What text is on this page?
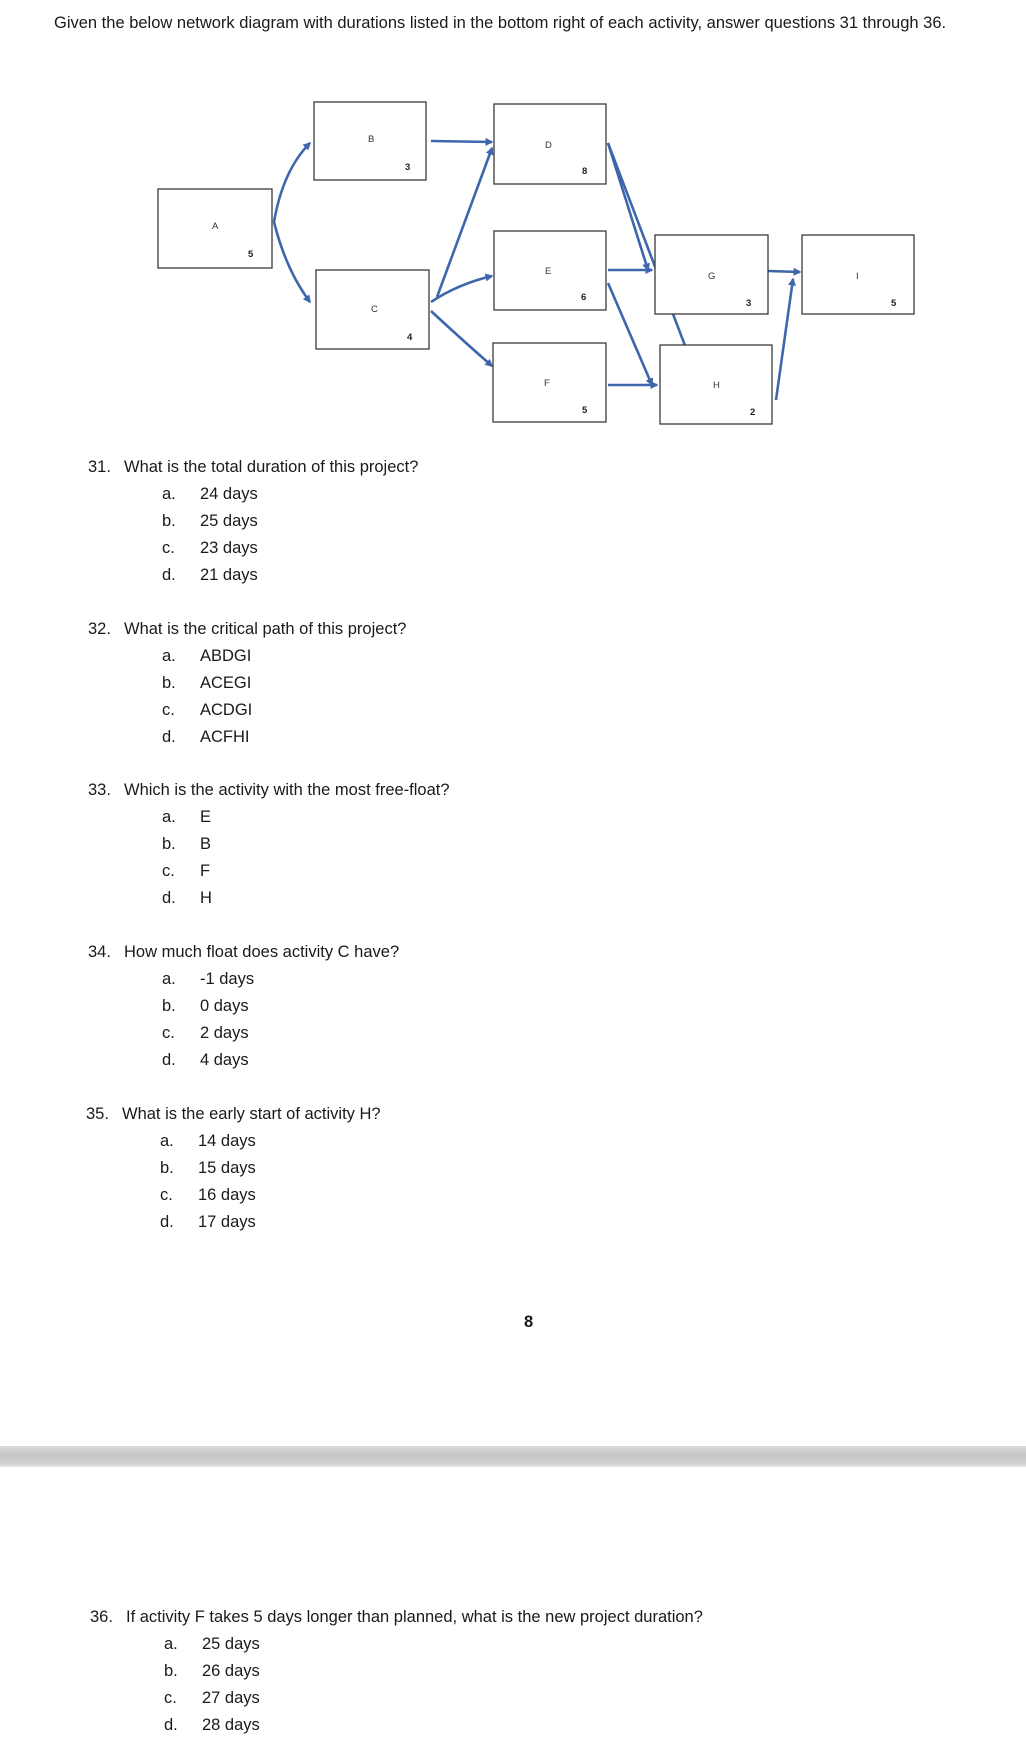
Given the below network diagram with durations listed in the bottom right of each activity, answer questions 31 through 36.
A
5
B
3
C
4
D
8
E
6
F
5
G
3
H
2
I
5
31. What is the total duration of this project?
a.	24 days
b.	25 days
c.	23 days
d.	21 days
32. What is the critical path of this project?
a.	ABDGI
b.	ACEGI
c.	ACDGI
d.	ACFHI
33. Which is the activity with the most free-float?
a.	E
b.	B
c.	F
d.	H
34. How much float does activity C have?
a.	-1 days
b.	0 days
c.	2 days
d.	4 days
35. What is the early start of activity H?
a.	14 days
b.	15 days
c.	16 days
d.	17 days
8
36. If activity F takes 5 days longer than planned, what is the new project duration?
a.	25 days
b.	26 days
c.	27 days
d.	28 days
